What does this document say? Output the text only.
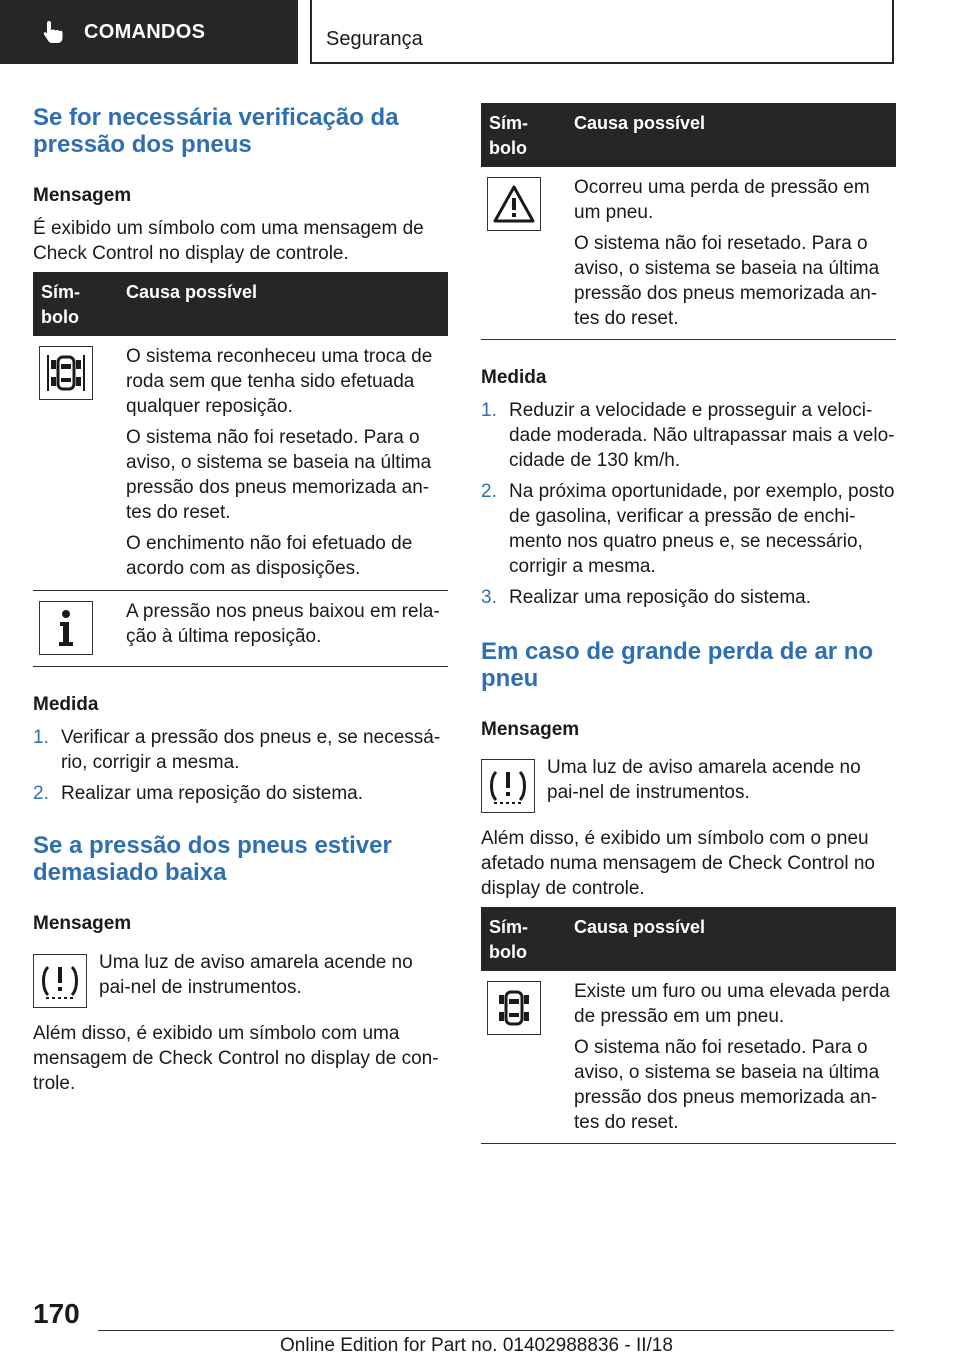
COMANDOS	Segurança
Se for necessária verificação da pressão dos pneus
Mensagem

É exibido um símbolo com uma mensagem de Check Control no display de controle.

Sím-bolo
Causa possível
O sistema reconheceu uma troca de roda sem que tenha sido efetuada qualquer reposição.
O sistema não foi resetado. Para o aviso, o sistema se baseia na última pressão dos pneus memorizada an-tes do reset.
O enchimento não foi efetuado de acordo com as disposições.
A pressão nos pneus baixou em rela-ção à última reposição.
Medida
1. Verificar a pressão dos pneus e, se necessá-rio, corrigir a mesma.
2. Realizar uma reposição do sistema.
Se a pressão dos pneus estiver demasiado baixa
Mensagem

Uma luz de aviso amarela acende no pai-nel de instrumentos.

Além disso, é exibido um símbolo com uma mensagem de Check Control no display de con-trole.

Sím-bolo
Causa possível
Ocorreu uma perda de pressão em um pneu.
O sistema não foi resetado. Para o aviso, o sistema se baseia na última pressão dos pneus memorizada an-tes do reset.
Medida
1. Reduzir a velocidade e prosseguir a veloci-dade moderada. Não ultrapassar mais a velo-cidade de 130 km/h.
2. Na próxima oportunidade, por exemplo, posto de gasolina, verificar a pressão de enchi-mento nos quatro pneus e, se necessário, corrigir a mesma.
3. Realizar uma reposição do sistema.
Em caso de grande perda de ar no pneu
Mensagem

Uma luz de aviso amarela acende no pai-nel de instrumentos.

Além disso, é exibido um símbolo com o pneu afetado numa mensagem de Check Control no display de controle.

Sím-bolo
Causa possível
Existe um furo ou uma elevada perda de pressão em um pneu.
O sistema não foi resetado. Para o aviso, o sistema se baseia na última pressão dos pneus memorizada an-tes do reset.
170
Online Edition for Part no. 01402988836 - II/18
